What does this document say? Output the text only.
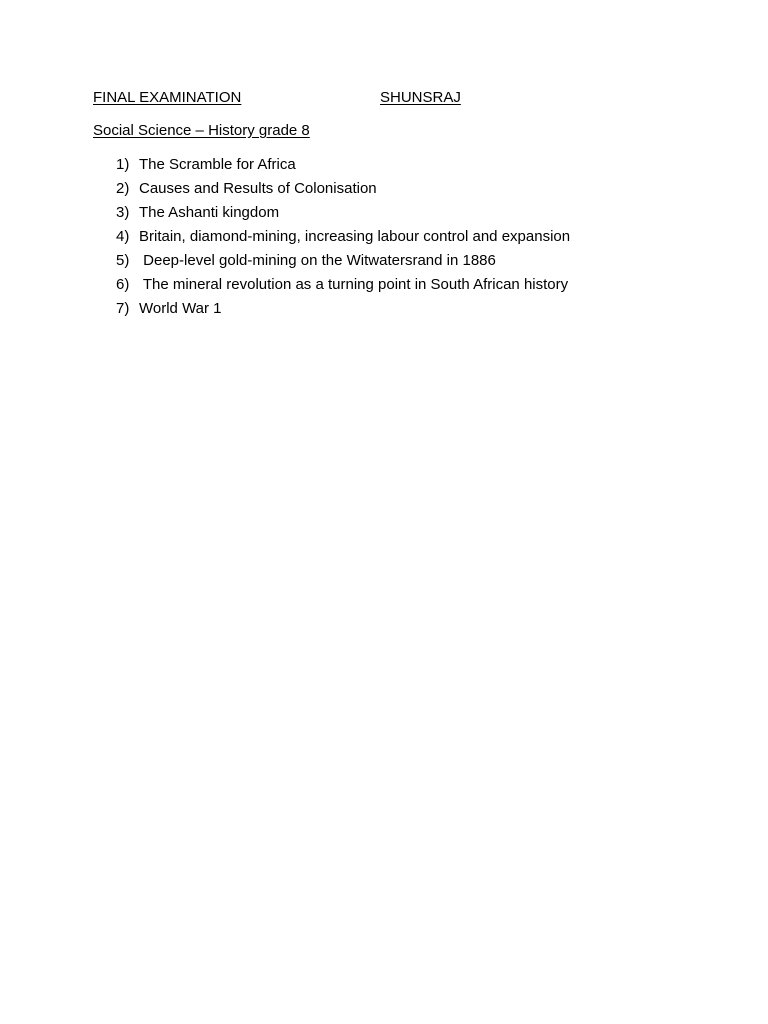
FINAL EXAMINATION	SHUNSRAJ
Social Science – History grade 8
1) The Scramble for Africa
2) Causes and Results of Colonisation
3) The Ashanti kingdom
4) Britain, diamond-mining, increasing labour control and expansion
5) Deep-level gold-mining on the Witwatersrand in 1886
6) The mineral revolution as a turning point in South African history
7) World War 1
